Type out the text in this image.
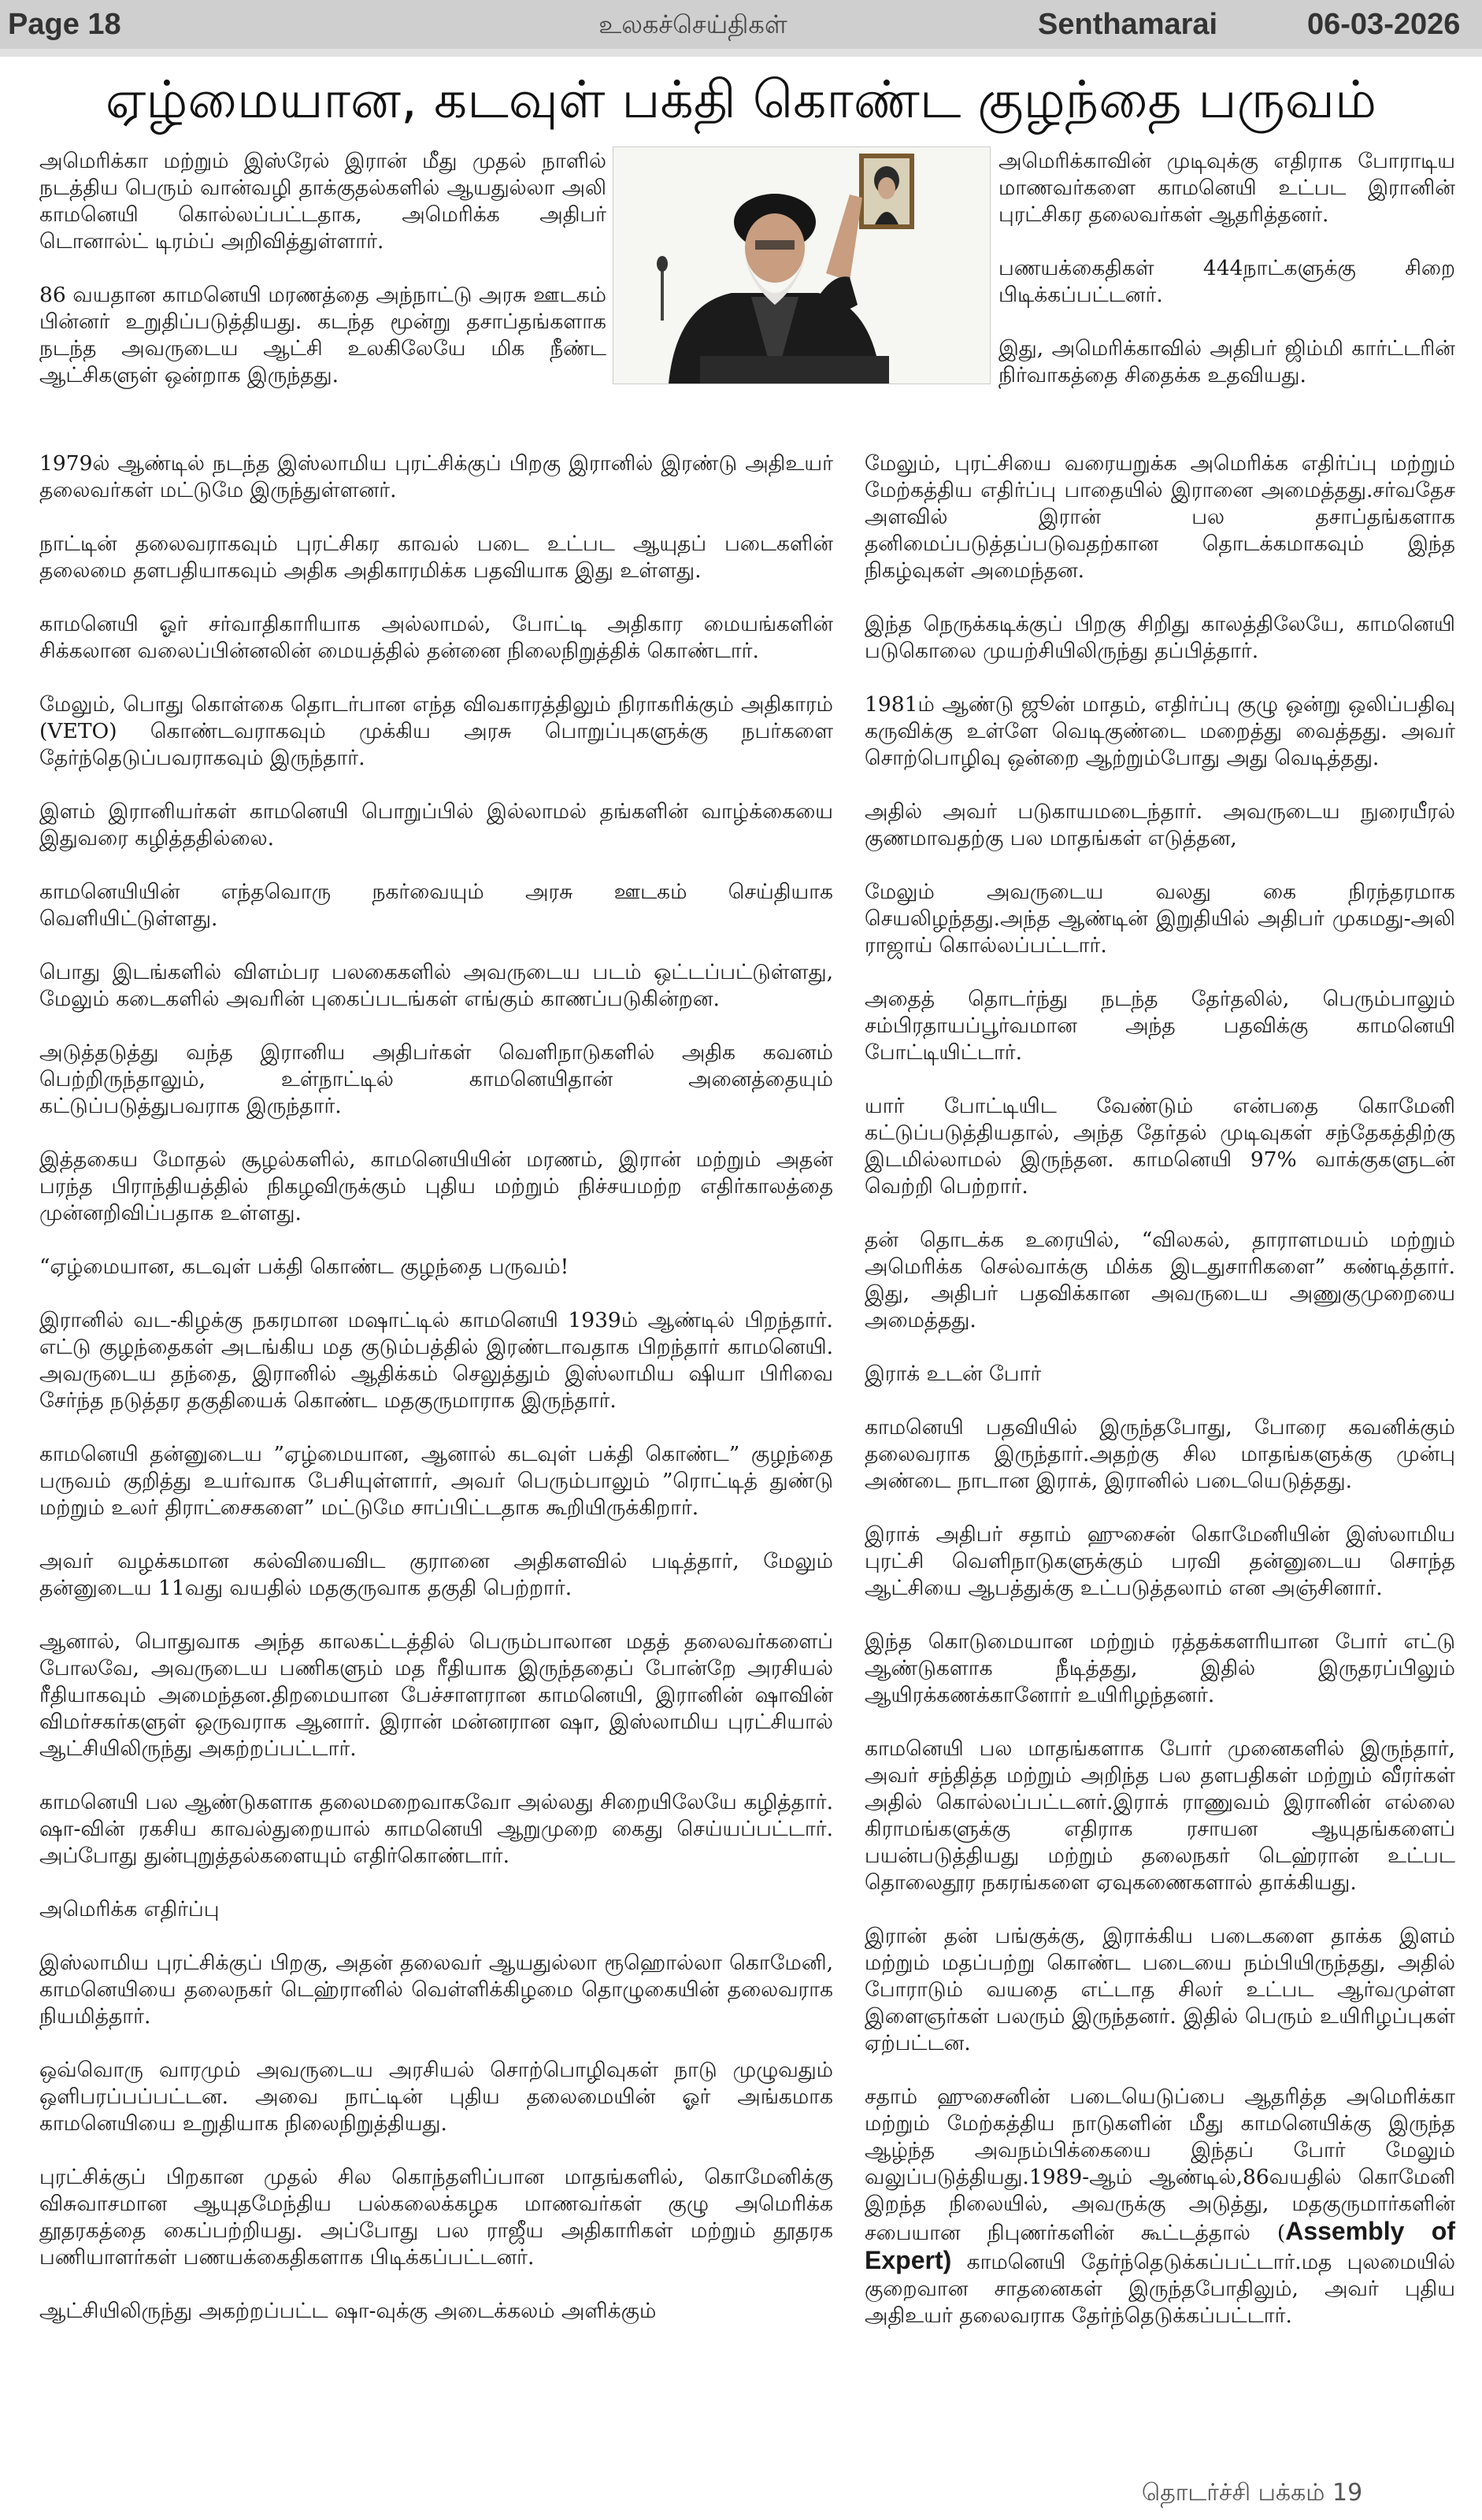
Page 18	உலகச்செய்திகள்	Senthamarai	06-03-2026
ஏழ்மையான, கடவுள் பக்தி கொண்ட குழந்தை பருவம்

அமெரிக்கா மற்றும் இஸ்ரேல் இரான் மீது முதல் நாளில் நடத்திய பெரும் வான்வழி தாக்குதல்களில் ஆயதுல்லா அலி காமனெயி கொல்லப்பட்டதாக, அமெரிக்க அதிபர் டொனால்ட் டிரம்ப் அறிவித்துள்ளார்.

86 வயதான காமனெயி மரணத்தை அந்நாட்டு அரசு ஊடகம் பின்னர் உறுதிப்படுத்தியது. கடந்த மூன்று தசாப்தங்களாக நடந்த அவருடைய ஆட்சி உலகிலேயே மிக நீண்ட ஆட்சிகளுள் ஒன்றாக இருந்தது.

அமெரிக்காவின் முடிவுக்கு எதிராக போராடிய மாணவர்களை காமனெயி உட்பட இரானின் புரட்சிகர தலைவர்கள் ஆதரித்தனர்.

பணயக்கைதிகள் 444நாட்களுக்கு சிறை பிடிக்கப்பட்டனர்.

இது, அமெரிக்காவில் அதிபர் ஜிம்மி கார்ட்டரின் நிர்வாகத்தை சிதைக்க உதவியது.

1979ல் ஆண்டில் நடந்த இஸ்லாமிய புரட்சிக்குப் பிறகு இரானில் இரண்டு அதிஉயர் தலைவர்கள் மட்டுமே இருந்துள்ளனர்.

நாட்டின் தலைவராகவும் புரட்சிகர காவல் படை உட்பட ஆயுதப் படைகளின் தலைமை தளபதியாகவும் அதிக அதிகாரமிக்க பதவியாக இது உள்ளது.

காமனெயி ஓர் சர்வாதிகாரியாக அல்லாமல், போட்டி அதிகார மையங்களின் சிக்கலான வலைப்பின்னலின் மையத்தில் தன்னை நிலைநிறுத்திக் கொண்டார்.

மேலும், பொது கொள்கை தொடர்பான எந்த விவகாரத்திலும் நிராகரிக்கும் அதிகாரம் (VETO) கொண்டவராகவும் முக்கிய அரசு பொறுப்புகளுக்கு நபர்களை தேர்ந்தெடுப்பவராகவும் இருந்தார்.

இளம் இரானியர்கள் காமனெயி பொறுப்பில் இல்லாமல் தங்களின் வாழ்க்கையை இதுவரை கழித்ததில்லை.

காமனெயியின் எந்தவொரு நகர்வையும் அரசு ஊடகம் செய்தியாக வெளியிட்டுள்ளது.

பொது இடங்களில் விளம்பர பலகைகளில் அவருடைய படம் ஒட்டப்பட்டுள்ளது, மேலும் கடைகளில் அவரின் புகைப்படங்கள் எங்கும் காணப்படுகின்றன.

அடுத்தடுத்து வந்த இரானிய அதிபர்கள் வெளிநாடுகளில் அதிக கவனம் பெற்றிருந்தாலும், உள்நாட்டில் காமனெயிதான் அனைத்தையும் கட்டுப்படுத்துபவராக இருந்தார்.

இத்தகைய மோதல் சூழல்களில், காமனெயியின் மரணம், இரான் மற்றும் அதன் பரந்த பிராந்தியத்தில் நிகழவிருக்கும் புதிய மற்றும் நிச்சயமற்ற எதிர்காலத்தை முன்னறிவிப்பதாக உள்ளது.

“ஏழ்மையான, கடவுள் பக்தி கொண்ட குழந்தை பருவம்!

இரானில் வட-கிழக்கு நகரமான மஷாட்டில் காமனெயி 1939ம் ஆண்டில் பிறந்தார். எட்டு குழந்தைகள் அடங்கிய மத குடும்பத்தில் இரண்டாவதாக பிறந்தார் காமனெயி. அவருடைய தந்தை, இரானில் ஆதிக்கம் செலுத்தும் இஸ்லாமிய ஷியா பிரிவை சேர்ந்த நடுத்தர தகுதியைக் கொண்ட மதகுருமாராக இருந்தார்.

காமனெயி தன்னுடைய ”ஏழ்மையான, ஆனால் கடவுள் பக்தி கொண்ட” குழந்தை பருவம் குறித்து உயர்வாக பேசியுள்ளார், அவர் பெரும்பாலும் ”ரொட்டித் துண்டு மற்றும் உலர் திராட்சைகளை” மட்டுமே சாப்பிட்டதாக கூறியிருக்கிறார்.

அவர் வழக்கமான கல்வியைவிட குரானை அதிகளவில் படித்தார், மேலும் தன்னுடைய 11வது வயதில் மதகுருவாக தகுதி பெற்றார்.

ஆனால், பொதுவாக அந்த காலகட்டத்தில் பெரும்பாலான மதத் தலைவர்களைப் போலவே, அவருடைய பணிகளும் மத ரீதியாக இருந்ததைப் போன்றே அரசியல் ரீதியாகவும் அமைந்தன.திறமையான பேச்சாளரான காமனெயி, இரானின் ஷாவின் விமர்சகர்களுள் ஒருவராக ஆனார். இரான் மன்னரான ஷா, இஸ்லாமிய புரட்சியால் ஆட்சியிலிருந்து அகற்றப்பட்டார்.

காமனெயி பல ஆண்டுகளாக தலைமறைவாகவோ அல்லது சிறையிலேயே கழித்தார். ஷா-வின் ரகசிய காவல்துறையால் காமனெயி ஆறுமுறை கைது செய்யப்பட்டார். அப்போது துன்புறுத்தல்களையும் எதிர்கொண்டார்.

அமெரிக்க எதிர்ப்பு

இஸ்லாமிய புரட்சிக்குப் பிறகு, அதன் தலைவர் ஆயதுல்லா ரூஹொல்லா கொமேனி, காமனெயியை தலைநகர் டெஹ்ரானில் வெள்ளிக்கிழமை தொழுகையின் தலைவராக நியமித்தார்.

ஒவ்வொரு வாரமும் அவருடைய அரசியல் சொற்பொழிவுகள் நாடு முழுவதும் ஒளிபரப்பப்பட்டன. அவை நாட்டின் புதிய தலைமையின் ஓர் அங்கமாக காமனெயியை உறுதியாக நிலைநிறுத்தியது.

புரட்சிக்குப் பிறகான முதல் சில கொந்தளிப்பான மாதங்களில், கொமேனிக்கு விசுவாசமான ஆயுதமேந்திய பல்கலைக்கழக மாணவர்கள் குழு அமெரிக்க தூதரகத்தை கைப்பற்றியது. அப்போது பல ராஜீய அதிகாரிகள் மற்றும் தூதரக பணியாளர்கள் பணயக்கைதிகளாக பிடிக்கப்பட்டனர்.

ஆட்சியிலிருந்து அகற்றப்பட்ட ஷா-வுக்கு அடைக்கலம் அளிக்கும்

மேலும், புரட்சியை வரையறுக்க அமெரிக்க எதிர்ப்பு மற்றும் மேற்கத்திய எதிர்ப்பு பாதையில் இரானை அமைத்தது.சர்வதேச அளவில் இரான் பல தசாப்தங்களாக தனிமைப்படுத்தப்படுவதற்கான தொடக்கமாகவும் இந்த நிகழ்வுகள் அமைந்தன.

இந்த நெருக்கடிக்குப் பிறகு சிறிது காலத்திலேயே, காமனெயி படுகொலை முயற்சியிலிருந்து தப்பித்தார்.

1981ம் ஆண்டு ஜூன் மாதம், எதிர்ப்பு குழு ஒன்று ஒலிப்பதிவு கருவிக்கு உள்ளே வெடிகுண்டை மறைத்து வைத்தது. அவர் சொற்பொழிவு ஒன்றை ஆற்றும்போது அது வெடித்தது.

அதில் அவர் படுகாயமடைந்தார். அவருடைய நுரையீரல் குணமாவதற்கு பல மாதங்கள் எடுத்தன,

மேலும் அவருடைய வலது கை நிரந்தரமாக செயலிழந்தது.அந்த ஆண்டின் இறுதியில் அதிபர் முகமது-அலி ராஜாய் கொல்லப்பட்டார்.

அதைத் தொடர்ந்து நடந்த தேர்தலில், பெரும்பாலும் சம்பிரதாயப்பூர்வமான அந்த பதவிக்கு காமனெயி போட்டியிட்டார்.

யார் போட்டியிட வேண்டும் என்பதை கொமேனி கட்டுப்படுத்தியதால், அந்த தேர்தல் முடிவுகள் சந்தேகத்திற்கு இடமில்லாமல் இருந்தன. காமனெயி 97% வாக்குகளுடன் வெற்றி பெற்றார்.

தன் தொடக்க உரையில், “விலகல், தாராளமயம் மற்றும் அமெரிக்க செல்வாக்கு மிக்க இடதுசாரிகளை” கண்டித்தார். இது, அதிபர் பதவிக்கான அவருடைய அணுகுமுறையை அமைத்தது.

இராக் உடன் போர்

காமனெயி பதவியில் இருந்தபோது, போரை கவனிக்கும் தலைவராக இருந்தார்.அதற்கு சில மாதங்களுக்கு முன்பு அண்டை நாடான இராக், இரானில் படையெடுத்தது.

இராக் அதிபர் சதாம் ஹுசைன் கொமேனியின் இஸ்லாமிய புரட்சி வெளிநாடுகளுக்கும் பரவி தன்னுடைய சொந்த ஆட்சியை ஆபத்துக்கு உட்படுத்தலாம் என அஞ்சினார்.

இந்த கொடுமையான மற்றும் ரத்தக்களரியான போர் எட்டு ஆண்டுகளாக நீடித்தது, இதில் இருதரப்பிலும் ஆயிரக்கணக்கானோர் உயிரிழந்தனர்.

காமனெயி பல மாதங்களாக போர் முனைகளில் இருந்தார், அவர் சந்தித்த மற்றும் அறிந்த பல தளபதிகள் மற்றும் வீரர்கள் அதில் கொல்லப்பட்டனர்.இராக் ராணுவம் இரானின் எல்லை கிராமங்களுக்கு எதிராக ரசாயன ஆயுதங்களைப் பயன்படுத்தியது மற்றும் தலைநகர் டெஹ்ரான் உட்பட தொலைதூர நகரங்களை ஏவுகணைகளால் தாக்கியது.

இரான் தன் பங்குக்கு, இராக்கிய படைகளை தாக்க இளம் மற்றும் மதப்பற்று கொண்ட படையை நம்பியிருந்தது, அதில் போராடும் வயதை எட்டாத சிலர் உட்பட ஆர்வமுள்ள இளைஞர்கள் பலரும் இருந்தனர். இதில் பெரும் உயிரிழப்புகள் ஏற்பட்டன.

சதாம் ஹுசைனின் படையெடுப்பை ஆதரித்த அமெரிக்கா மற்றும் மேற்கத்திய நாடுகளின் மீது காமனெயிக்கு இருந்த ஆழ்ந்த அவநம்பிக்கையை இந்தப் போர் மேலும் வலுப்படுத்தியது.1989-ஆம் ஆண்டில்,86வயதில் கொமேனி இறந்த நிலையில், அவருக்கு அடுத்து, மதகுருமார்களின் சபையான நிபுணர்களின் கூட்டத்தால் (Assembly of Expert) காமனெயி தேர்ந்தெடுக்கப்பட்டார்.மத புலமையில் குறைவான சாதனைகள் இருந்தபோதிலும், அவர் புதிய அதிஉயர் தலைவராக தேர்ந்தெடுக்கப்பட்டார்.

தொடர்ச்சி பக்கம் 19
